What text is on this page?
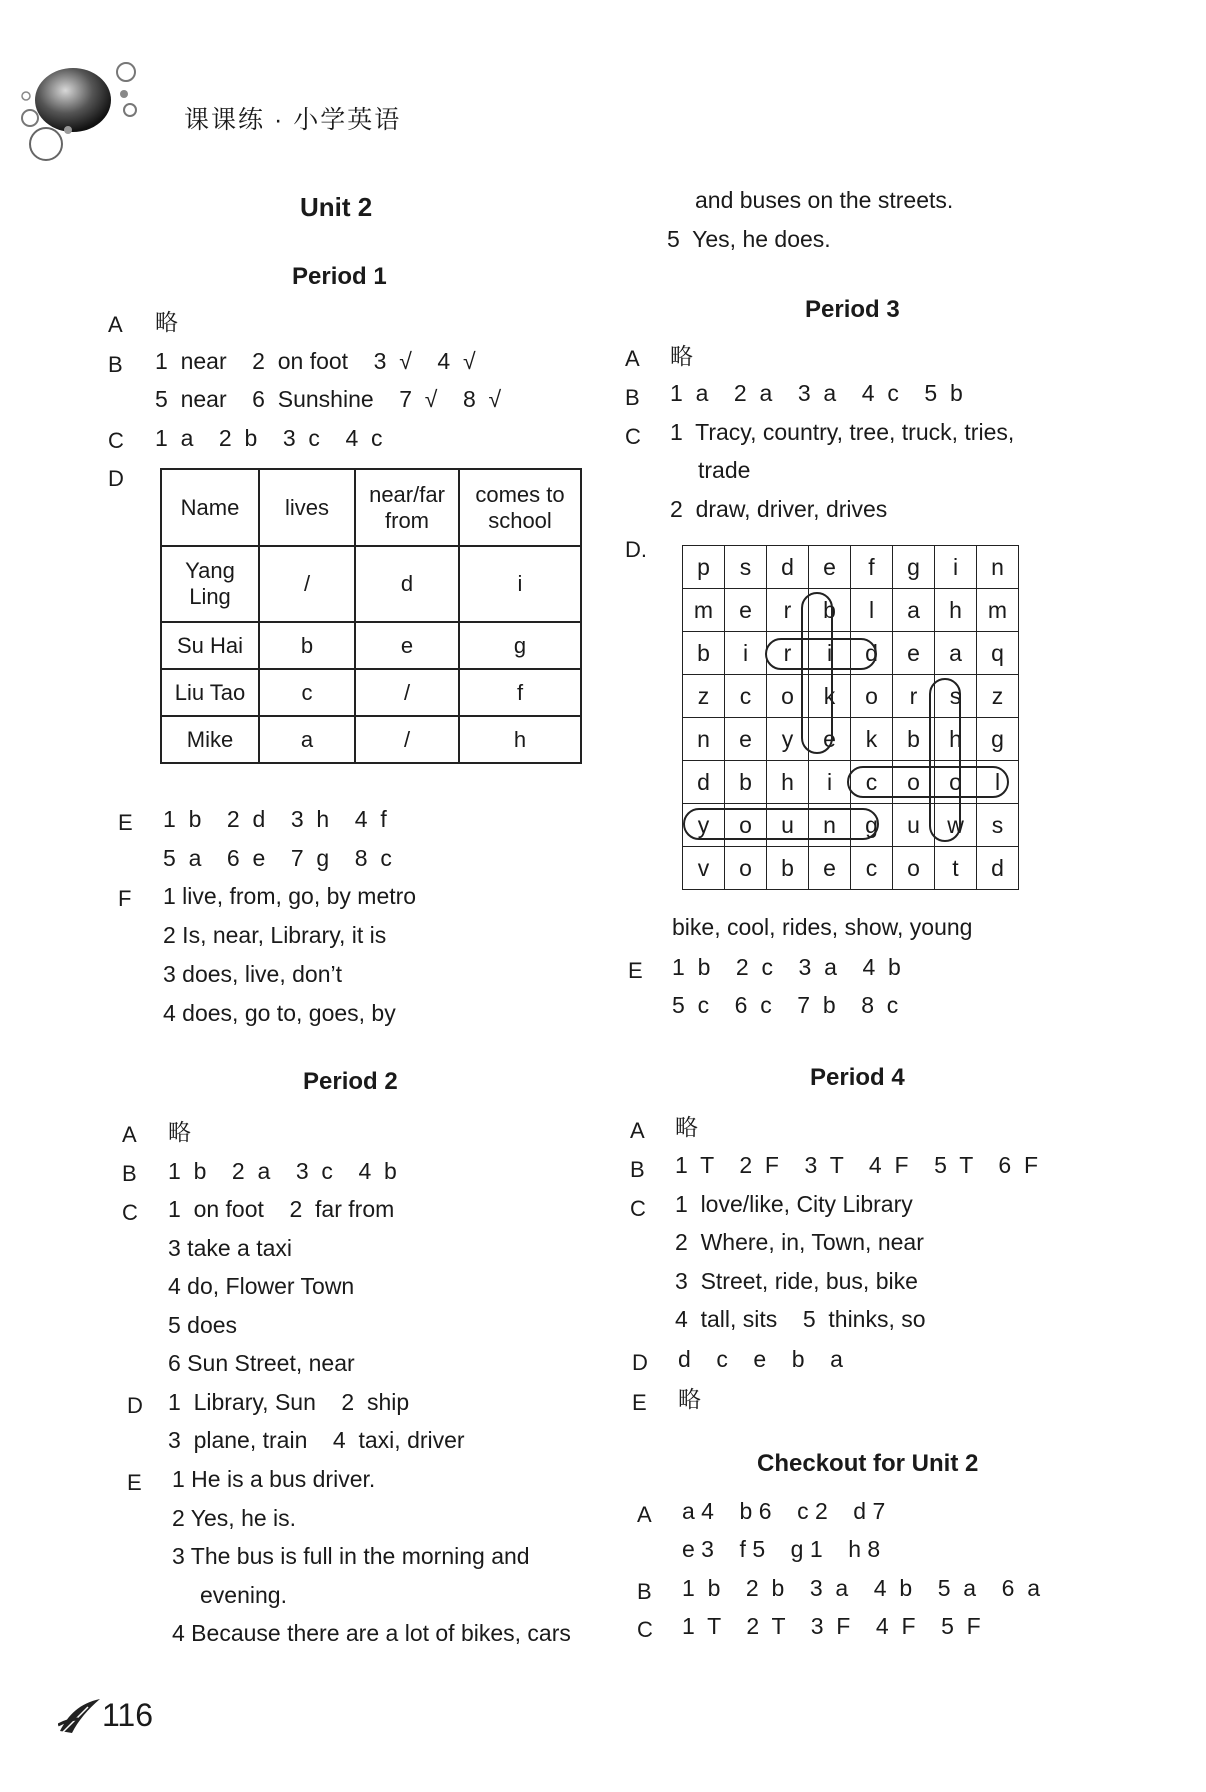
课课练 · 小学英语
Unit 2
Period 1
A 略
B 1  near    2  on foot    3  √    4  √
5  near    6  Sunshine    7  √    8  √
C 1  a    2  b    3  c    4  c
D
Name	lives	near/far from	comes to school
Yang Ling	/	d	i
Su Hai	b	e	g
Liu Tao	c	/	f
Mike	a	/	h
E 1  b    2  d    3  h    4  f
5  a    6  e    7  g    8  c
F 1 live, from, go, by metro
2 Is, near, Library, it is
3 does, live, don’t
4 does, go to, goes, by
Period 2
A 略
B 1  b    2  a    3  c    4  b
C 1  on foot    2  far from
3 take a taxi
4 do, Flower Town
5 does
6 Sun Street, near
D 1  Library, Sun    2  ship
3  plane, train    4  taxi, driver
E 1 He is a bus driver.
2 Yes, he is.
3 The bus is full in the morning and
evening.
4 Because there are a lot of bikes, cars
and buses on the streets.
5  Yes, he does.
Period 3
A 略
B 1  a    2  a    3  a    4  c    5  b
C 1  Tracy, country, tree, truck, tries,
trade
2  draw, driver, drives
D.
p	s	d	e	f	g	i	n
m	e	r	b	l	a	h	m
b	i	r	i	d	e	a	q
z	c	o	k	o	r	s	z
n	e	y	e	k	b	h	g
d	b	h	i	c	o	o	l
y	o	u	n	g	u	w	s
v	o	b	e	c	o	t	d
bike, cool, rides, show, young
E 1  b    2  c    3  a    4  b
5  c    6  c    7  b    8  c
Period 4
A 略
B 1  T    2  F    3  T    4  F    5  T    6  F
C 1  love/like, City Library
2  Where, in, Town, near
3  Street, ride, bus, bike
4  tall, sits    5  thinks, so
D d    c    e    b    a
E 略
Checkout for Unit 2
A a 4    b 6    c 2    d 7
e 3    f 5    g 1    h 8
B 1  b    2  b    3  a    4  b    5  a    6  a
C 1  T    2  T    3  F    4  F    5  F
116
